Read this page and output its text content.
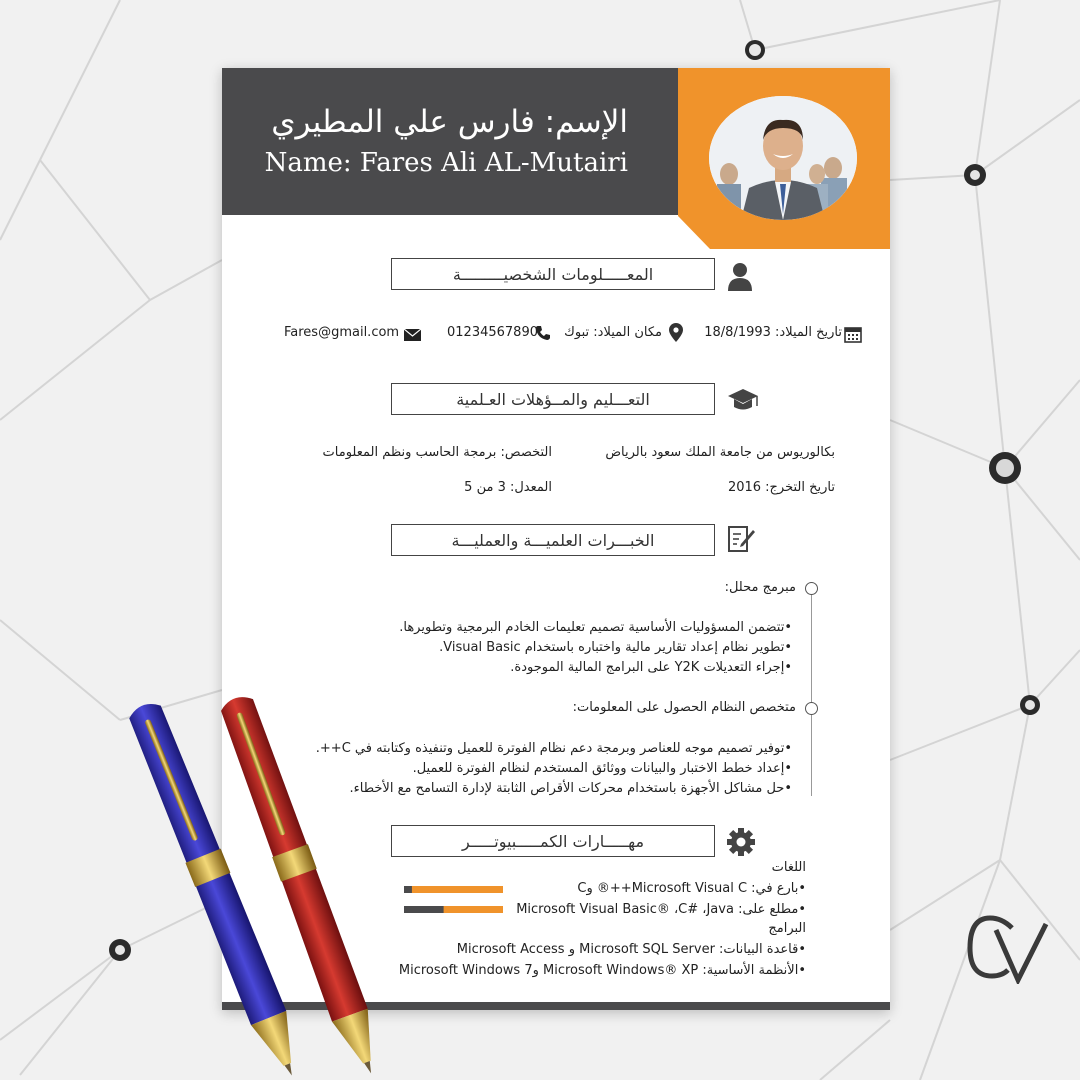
الإسم: فارس علي المطيري
Name: Fares Ali AL-Mutairi
المعـــــلومات الشخصيـــــــــة
تاريخ الميلاد: 18/8/1993
مكان الميلاد: تبوك
01234567890
Fares@gmail.com
التعـــليم والمــؤهلات العـلمية
بكالوريوس من جامعة الملك سعود بالرياض
التخصص: برمجة الحاسب ونظم المعلومات
تاريخ التخرج: 2016
المعدل: 3 من 5
الخبـــرات العلميـــة والعمليـــة
مبرمج محلل:
•تتضمن المسؤوليات الأساسية تصميم تعليمات الخادم البرمجية وتطويرها.
•تطوير نظام إعداد تقارير مالية واختباره باستخدام Visual Basic.
•إجراء التعديلات Y2K على البرامج المالية الموجودة.
متخصص النظام الحصول على المعلومات:
•توفير تصميم موجه للعناصر وبرمجة دعم نظام الفوترة للعميل وتنفيذه وكتابته في C++.
•إعداد خطط الاختبار والبيانات ووثائق المستخدم لنظام الفوترة للعميل.
•حل مشاكل الأجهزة باستخدام محركات الأقراص الثابتة لإدارة التسامح مع الأخطاء.
مهـــــارات الكمـــــبيوتـــــر
اللغات
•بارع في: Microsoft Visual C++® وC
•مطلع على: Microsoft Visual Basic® ،C# ،Java
البرامج
•قاعدة البيانات: Microsoft SQL Server و Microsoft Access
•الأنظمة الأساسية: Microsoft Windows® XP وMicrosoft Windows 7
